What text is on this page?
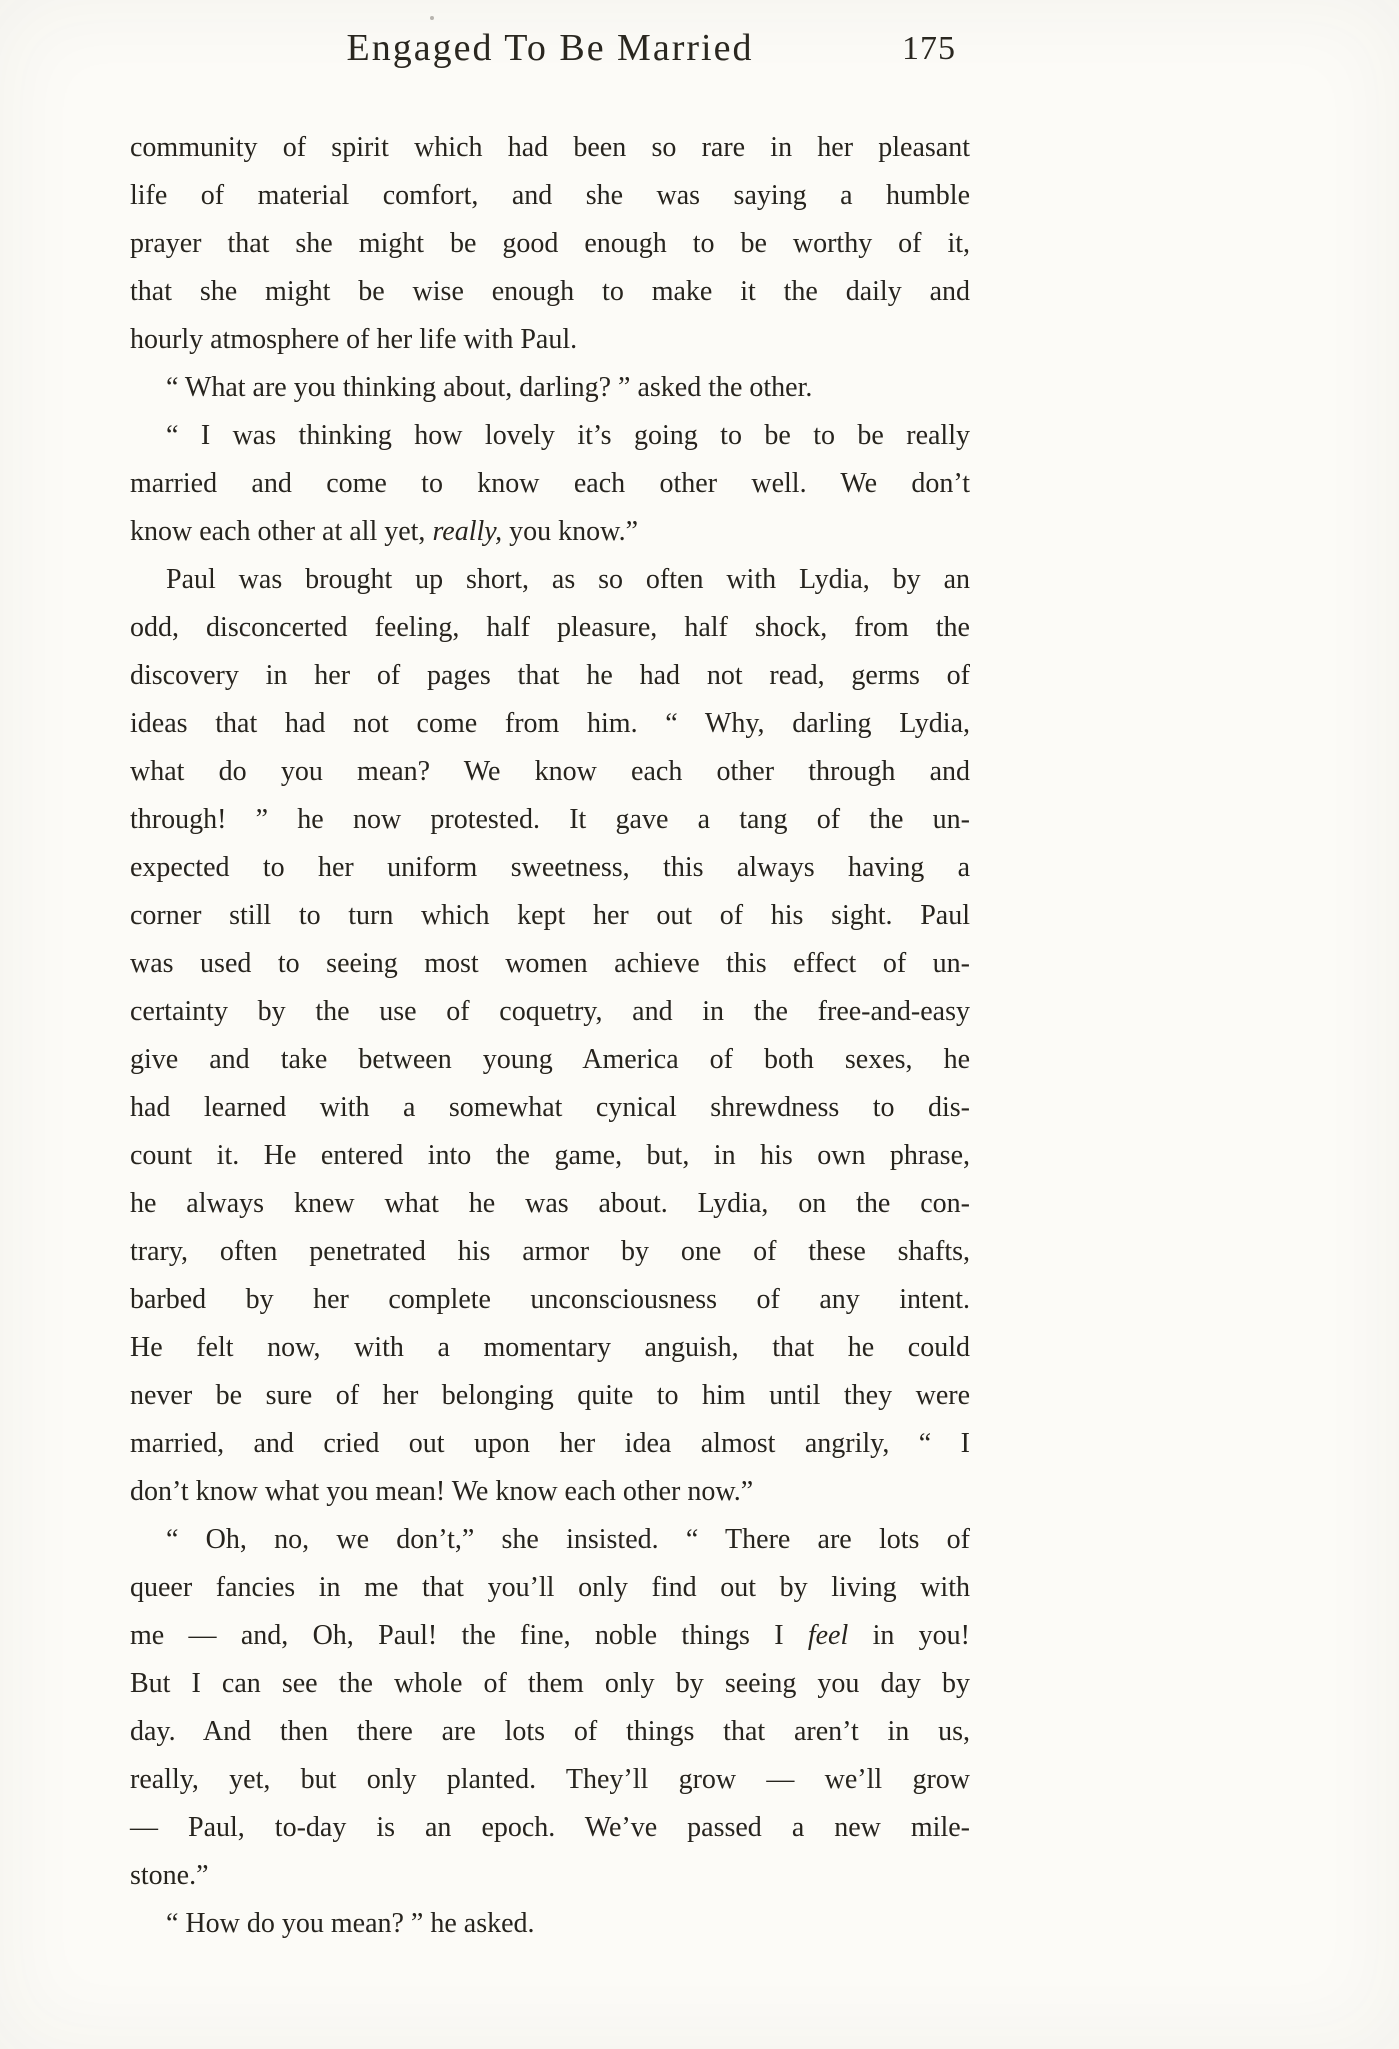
Engaged To Be Married	175
community of spirit which had been so rare in her pleasant
life of material comfort, and she was saying a humble
prayer that she might be good enough to be worthy of it,
that she might be wise enough to make it the daily and
hourly atmosphere of her life with Paul.
“ What are you thinking about, darling? ” asked the other.
“ I was thinking how lovely it’s going to be to be really
married and come to know each other well. We don’t
know each other at all yet, really, you know.”
Paul was brought up short, as so often with Lydia, by an
odd, disconcerted feeling, half pleasure, half shock, from the
discovery in her of pages that he had not read, germs of
ideas that had not come from him. “ Why, darling Lydia,
what do you mean? We know each other through and
through! ” he now protested. It gave a tang of the un-
expected to her uniform sweetness, this always having a
corner still to turn which kept her out of his sight. Paul
was used to seeing most women achieve this effect of un-
certainty by the use of coquetry, and in the free-and-easy
give and take between young America of both sexes, he
had learned with a somewhat cynical shrewdness to dis-
count it. He entered into the game, but, in his own phrase,
he always knew what he was about. Lydia, on the con-
trary, often penetrated his armor by one of these shafts,
barbed by her complete unconsciousness of any intent.
He felt now, with a momentary anguish, that he could
never be sure of her belonging quite to him until they were
married, and cried out upon her idea almost angrily, “ I
don’t know what you mean! We know each other now.”
“ Oh, no, we don’t,” she insisted. “ There are lots of
queer fancies in me that you’ll only find out by living with
me — and, Oh, Paul! the fine, noble things I feel in you!
But I can see the whole of them only by seeing you day by
day. And then there are lots of things that aren’t in us,
really, yet, but only planted. They’ll grow — we’ll grow
— Paul, to-day is an epoch. We’ve passed a new mile-
stone.”
“ How do you mean? ” he asked.
